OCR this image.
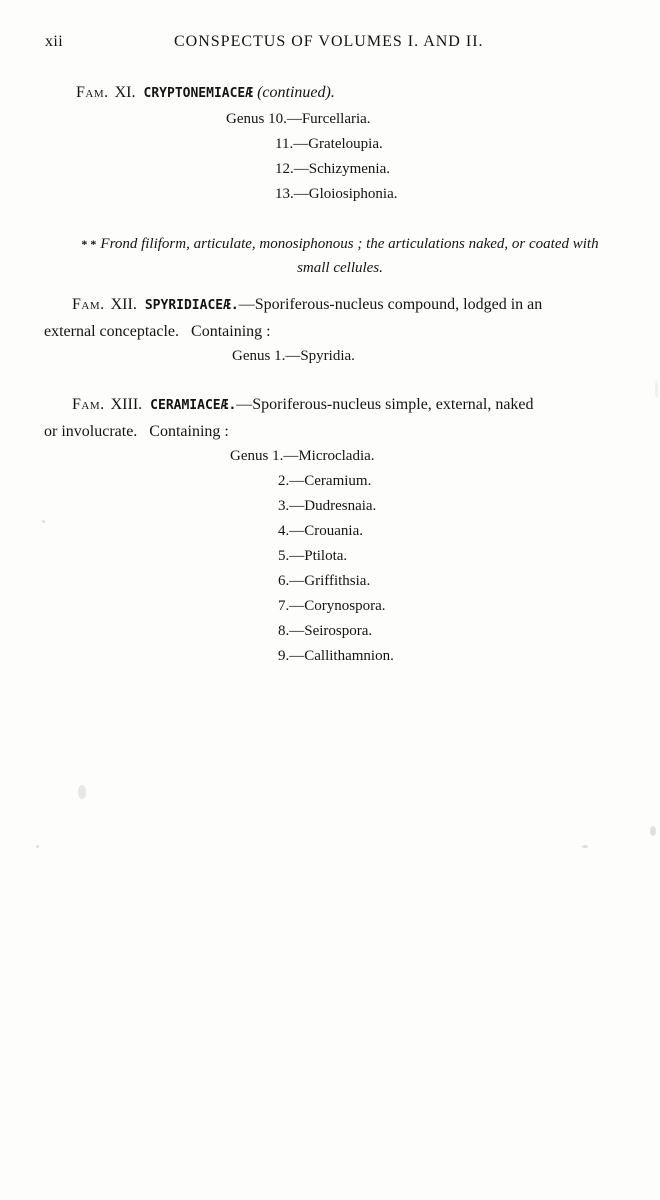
xii	CONSPECTUS OF VOLUMES I. AND II.
Fam. XI. CRYPTONEMIACEÆ (continued).
Genus 10.—Furcellaria.
11.—Grateloupia.
12.—Schizymenia.
13.—Gloiosiphonia.
* * Frond filiform, articulate, monosiphonous ; the articulations naked, or coated with
small cellules.
Fam. XII. SPYRIDIACEÆ.—Sporiferous-nucleus compound, lodged in an
external conceptacle.   Containing :
Genus 1.—Spyridia.
Fam. XIII. CERAMIACEÆ.—Sporiferous-nucleus simple, external, naked
or involucrate.   Containing :
Genus 1.—Microcladia.
2.—Ceramium.
3.—Dudresnaia.
4.—Crouania.
5.—Ptilota.
6.—Griffithsia.
7.—Corynospora.
8.—Seirospora.
9.—Callithamnion.
